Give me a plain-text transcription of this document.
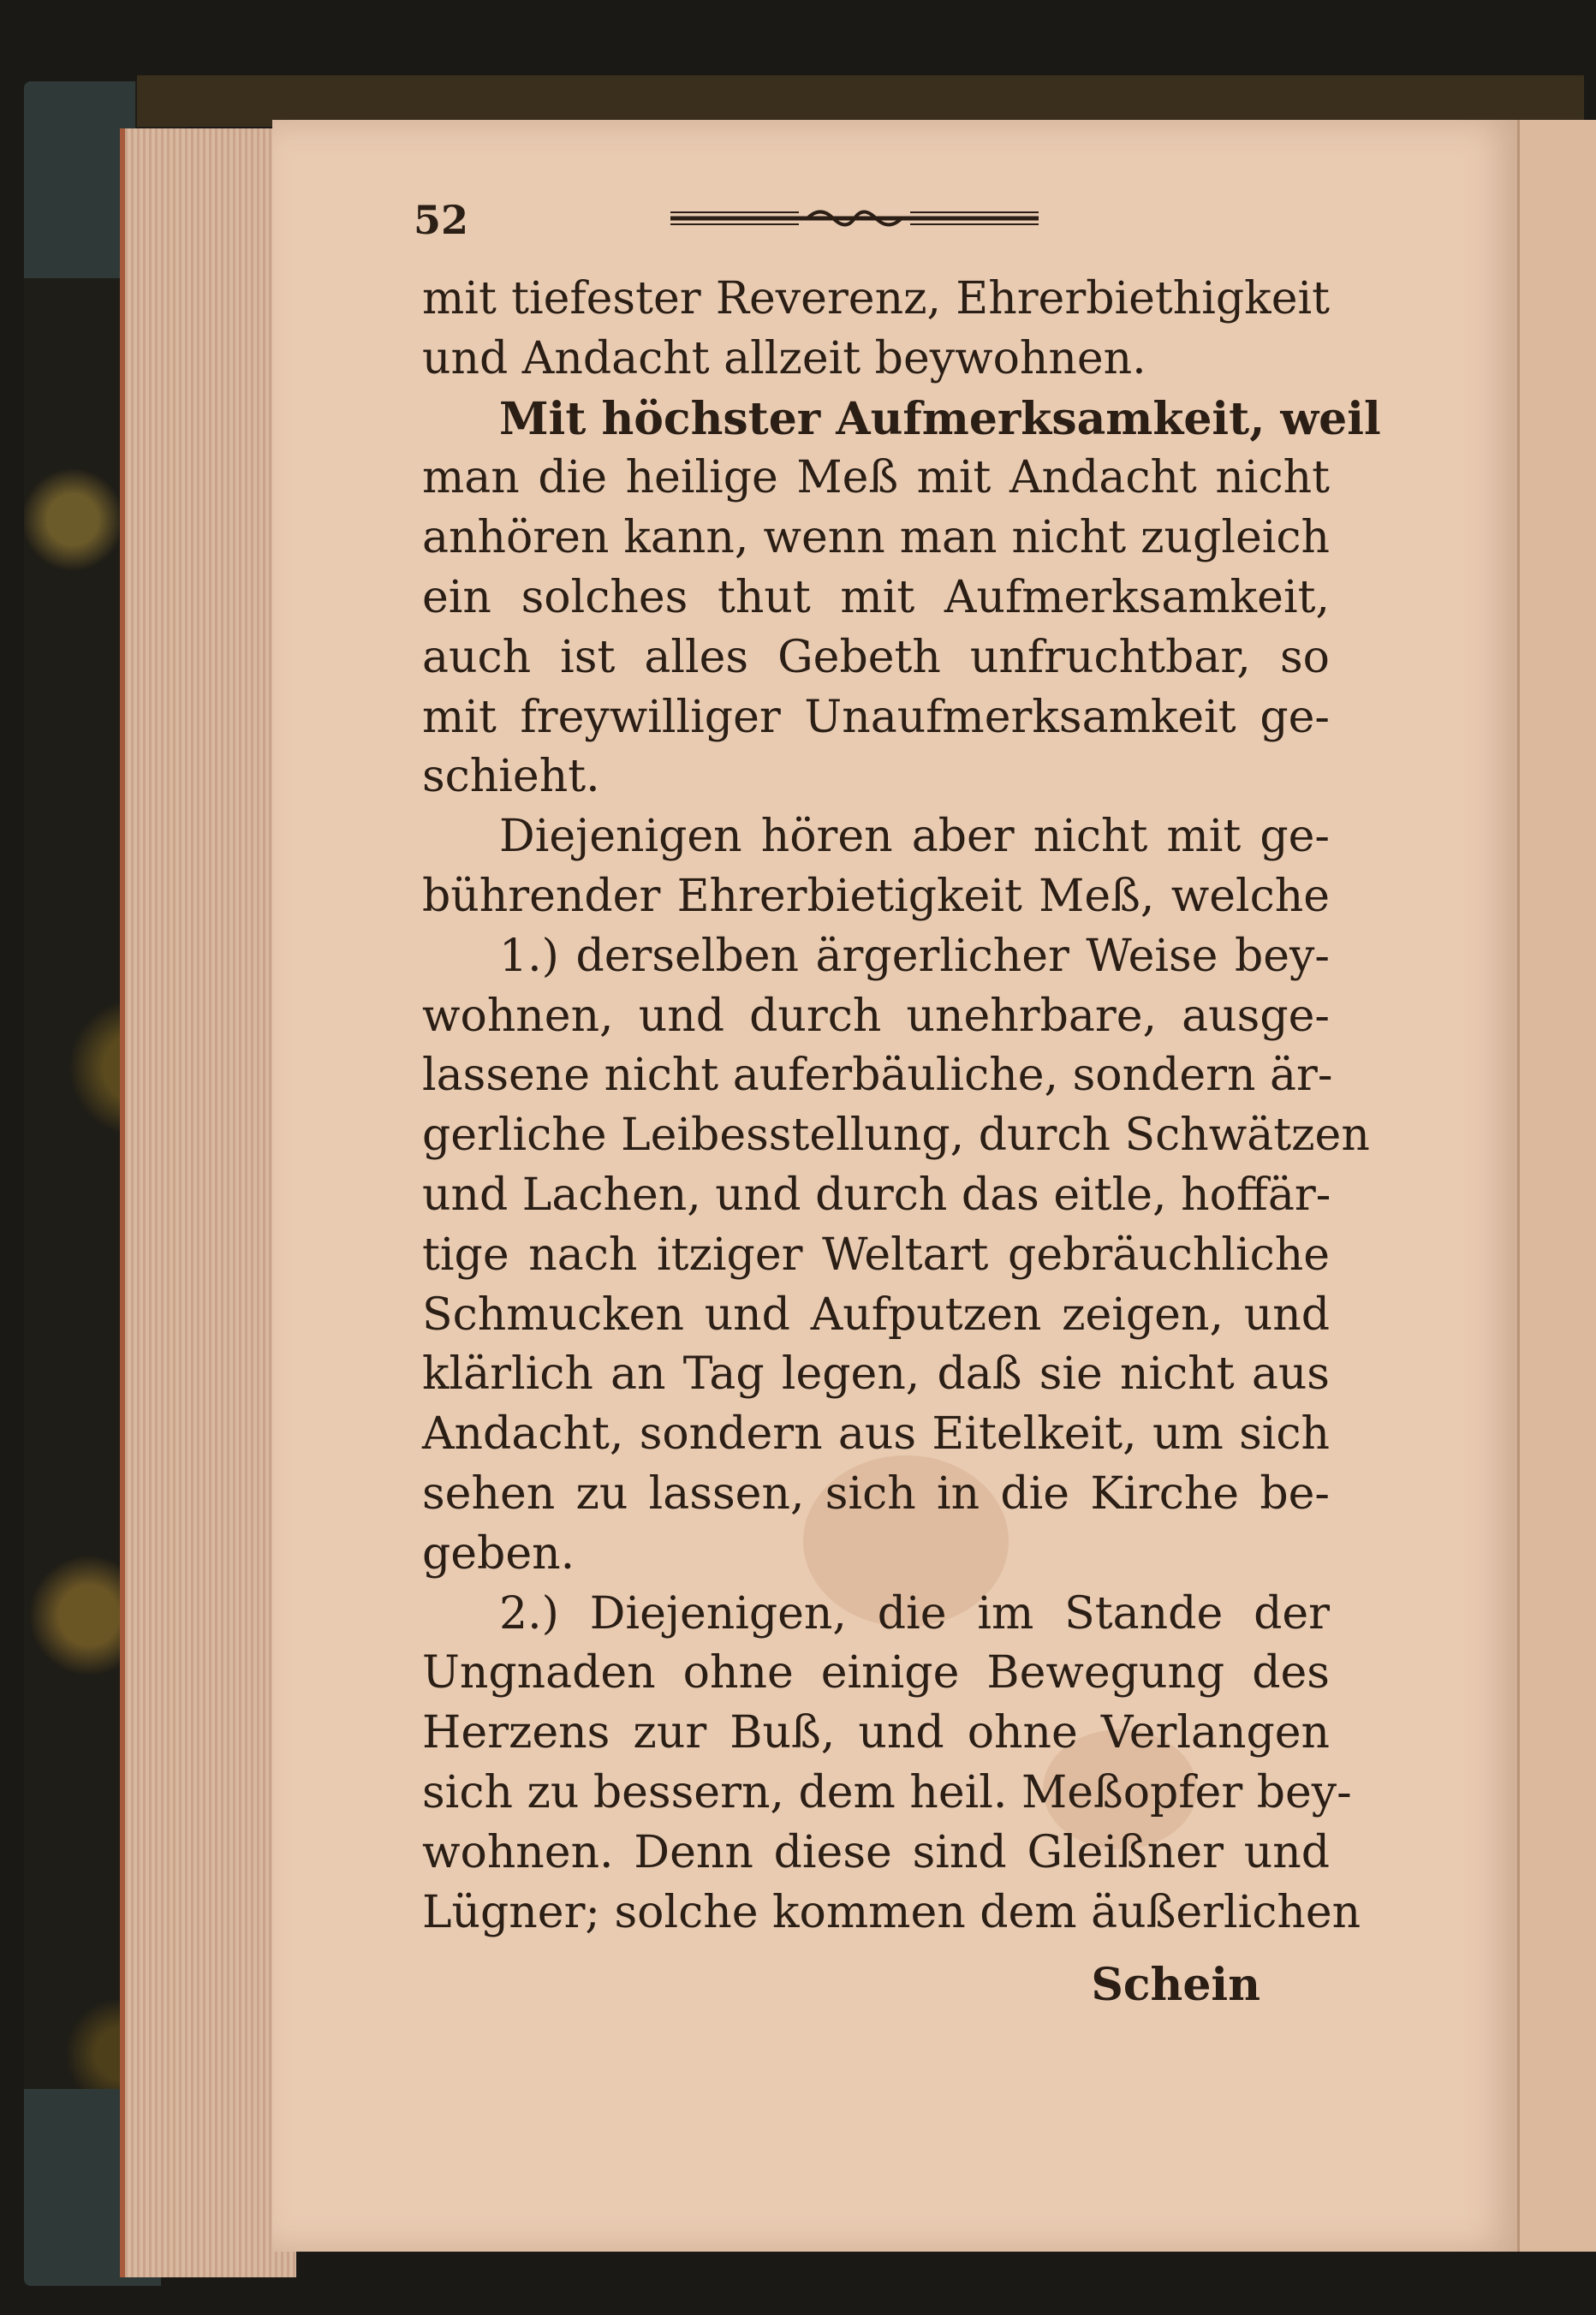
52
mit tiefester Reverenz, Ehrerbiethigkeit
und Andacht allzeit beywohnen.
Mit höchster Aufmerksamkeit, weil
man die heilige Meß mit Andacht nicht
anhören kann, wenn man nicht zugleich
ein solches thut mit Aufmerksamkeit,
auch ist alles Gebeth unfruchtbar, so
mit freywilliger Unaufmerksamkeit ge-
schieht.
Diejenigen hören aber nicht mit ge-
bührender Ehrerbietigkeit Meß, welche
1.) derselben ärgerlicher Weise bey-
wohnen, und durch unehrbare, ausge-
lassene nicht auferbäuliche, sondern är-
gerliche Leibesstellung, durch Schwätzen
und Lachen, und durch das eitle, hoffär-
tige nach itziger Weltart gebräuchliche
Schmucken und Aufputzen zeigen, und
klärlich an Tag legen, daß sie nicht aus
Andacht, sondern aus Eitelkeit, um sich
sehen zu lassen, sich in die Kirche be-
geben.
2.) Diejenigen, die im Stande der
Ungnaden ohne einige Bewegung des
Herzens zur Buß, und ohne Verlangen
sich zu bessern, dem heil. Meßopfer bey-
wohnen. Denn diese sind Gleißner und
Lügner; solche kommen dem äußerlichen
Schein
